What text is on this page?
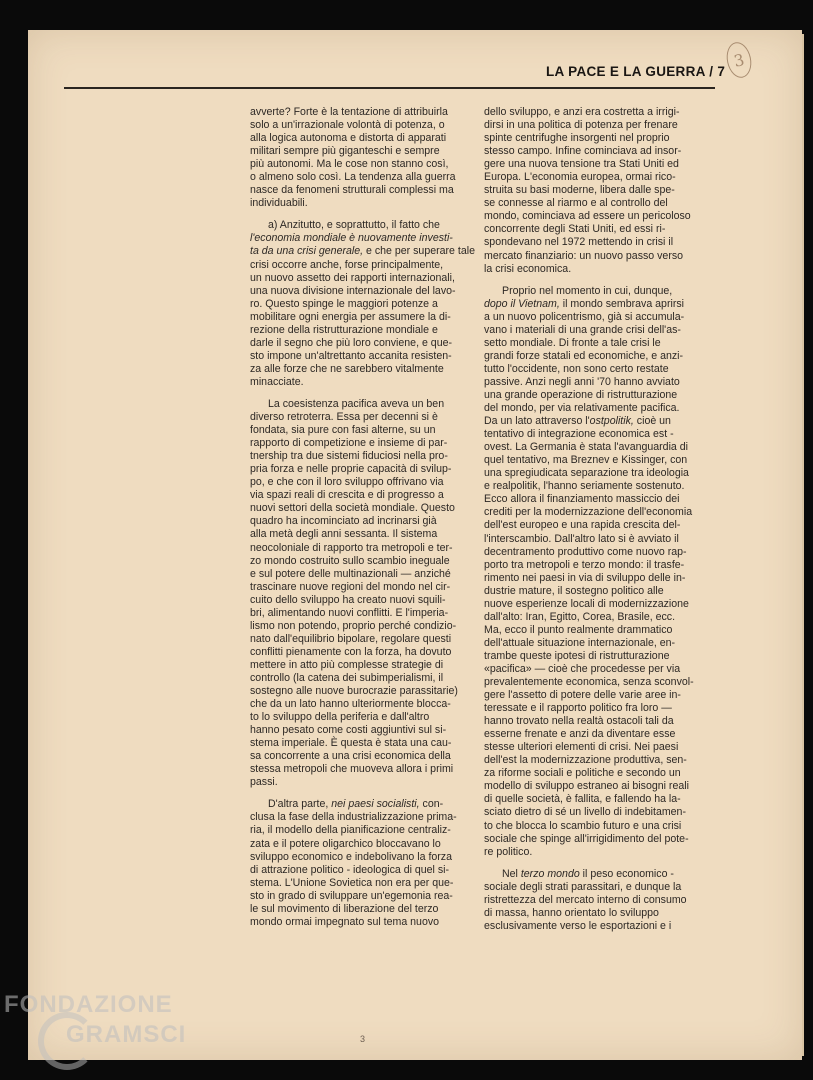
LA PACE E LA GUERRA / 7
3

avverte? Forte è la tentazione di attribuirla
solo a un'irrazionale volontà di potenza, o
alla logica autonoma e distorta di apparati
militari sempre più giganteschi e sempre
più autonomi. Ma le cose non stanno così,
o almeno solo così. La tendenza alla guerra
nasce da fenomeni strutturali complessi ma
individuabili.

a) Anzitutto, e soprattutto, il fatto che
l'economia mondiale è nuovamente investi-
ta da una crisi generale, e che per superare tale
crisi occorre anche, forse principalmente,
un nuovo assetto dei rapporti internazionali,
una nuova divisione internazionale del lavo-
ro. Questo spinge le maggiori potenze a
mobilitare ogni energia per assumere la di-
rezione della ristrutturazione mondiale e
darle il segno che più loro conviene, e que-
sto impone un'altrettanto accanita resisten-
za alle forze che ne sarebbero vitalmente
minacciate.

La coesistenza pacifica aveva un ben
diverso retroterra. Essa per decenni si è
fondata, sia pure con fasi alterne, su un
rapporto di competizione e insieme di par-
tnership tra due sistemi fiduciosi nella pro-
pria forza e nelle proprie capacità di svilup-
po, e che con il loro sviluppo offrivano via
via spazi reali di crescita e di progresso a
nuovi settori della società mondiale. Questo
quadro ha incominciato ad incrinarsi già
alla metà degli anni sessanta. Il sistema
neocoloniale di rapporto tra metropoli e ter-
zo mondo costruito sullo scambio ineguale
e sul potere delle multinazionali — anziché
trascinare nuove regioni del mondo nel cir-
cuito dello sviluppo ha creato nuovi squili-
bri, alimentando nuovi conflitti. E l'imperia-
lismo non potendo, proprio perché condizio-
nato dall'equilibrio bipolare, regolare questi
conflitti pienamente con la forza, ha dovuto
mettere in atto più complesse strategie di
controllo (la catena dei subimperialismi, il
sostegno alle nuove burocrazie parassitarie)
che da un lato hanno ulteriormente blocca-
to lo sviluppo della periferia e dall'altro
hanno pesato come costi aggiuntivi sul si-
stema imperiale. È questa è stata una cau-
sa concorrente a una crisi economica della
stessa metropoli che muoveva allora i primi
passi.

D'altra parte, nei paesi socialisti, con-
clusa la fase della industrializzazione prima-
ria, il modello della pianificazione centraliz-
zata e il potere oligarchico bloccavano lo
sviluppo economico e indebolivano la forza
di attrazione politico - ideologica di quel si-
stema. L'Unione Sovietica non era per que-
sto in grado di sviluppare un'egemonia rea-
le sul movimento di liberazione del terzo
mondo ormai impegnato sul tema nuovo

dello sviluppo, e anzi era costretta a irrigi-
dirsi in una politica di potenza per frenare
spinte centrifughe insorgenti nel proprio
stesso campo. Infine cominciava ad insor-
gere una nuova tensione tra Stati Uniti ed
Europa. L'economia europea, ormai rico-
struita su basi moderne, libera dalle spe-
se connesse al riarmo e al controllo del
mondo, cominciava ad essere un pericoloso
concorrente degli Stati Uniti, ed essi ri-
spondevano nel 1972 mettendo in crisi il
mercato finanziario: un nuovo passo verso
la crisi economica.

Proprio nel momento in cui, dunque,
dopo il Vietnam, il mondo sembrava aprirsi
a un nuovo policentrismo, già si accumula-
vano i materiali di una grande crisi dell'as-
setto mondiale. Di fronte a tale crisi le
grandi forze statali ed economiche, e anzi-
tutto l'occidente, non sono certo restate
passive. Anzi negli anni '70 hanno avviato
una grande operazione di ristrutturazione
del mondo, per via relativamente pacifica.
Da un lato attraverso l'ostpolitik, cioè un
tentativo di integrazione economica est -
ovest. La Germania è stata l'avanguardia di
quel tentativo, ma Breznev e Kissinger, con
una spregiudicata separazione tra ideologia
e realpolitik, l'hanno seriamente sostenuto.
Ecco allora il finanziamento massiccio dei
crediti per la modernizzazione dell'economia
dell'est europeo e una rapida crescita del-
l'interscambio. Dall'altro lato si è avviato il
decentramento produttivo come nuovo rap-
porto tra metropoli e terzo mondo: il trasfe-
rimento nei paesi in via di sviluppo delle in-
dustrie mature, il sostegno politico alle
nuove esperienze locali di modernizzazione
dall'alto: Iran, Egitto, Corea, Brasile, ecc.
Ma, ecco il punto realmente drammatico
dell'attuale situazione internazionale, en-
trambe queste ipotesi di ristrutturazione
«pacifica» — cioè che procedesse per via
prevalentemente economica, senza sconvol-
gere l'assetto di potere delle varie aree in-
teressate e il rapporto politico fra loro —
hanno trovato nella realtà ostacoli tali da
esserne frenate e anzi da diventare esse
stesse ulteriori elementi di crisi. Nei paesi
dell'est la modernizzazione produttiva, sen-
za riforme sociali e politiche e secondo un
modello di sviluppo estraneo ai bisogni reali
di quelle società, è fallita, e fallendo ha la-
sciato dietro di sé un livello di indebitamen-
to che blocca lo scambio futuro e una crisi
sociale che spinge all'irrigidimento del pote-
re politico.

Nel terzo mondo il peso economico -
sociale degli strati parassitari, e dunque la
ristrettezza del mercato interno di consumo
di massa, hanno orientato lo sviluppo
esclusivamente verso le esportazioni e i

3
FONDAZIONE
GRAMSCI
